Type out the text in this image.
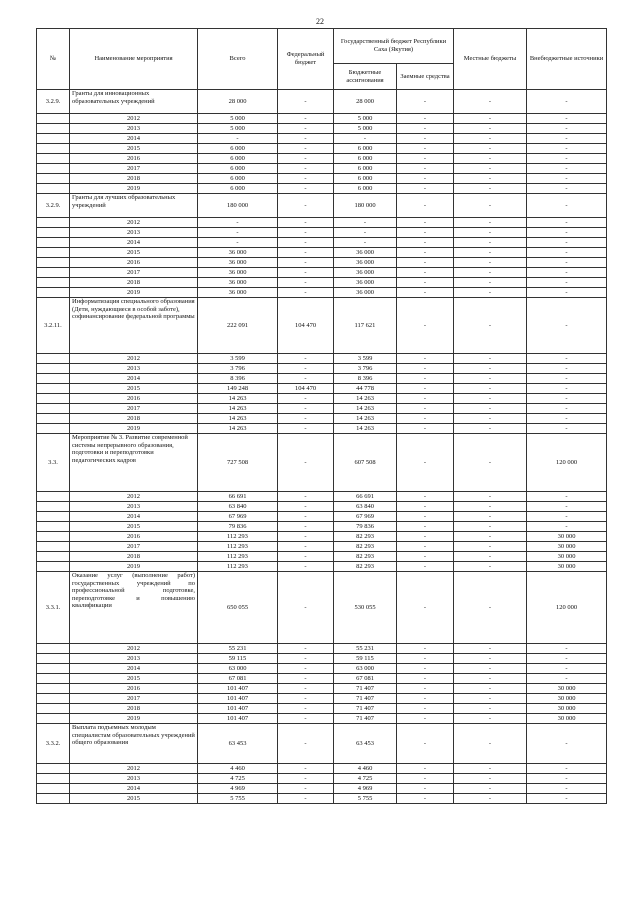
22
№	Наименование мероприятия	Всего	Федеральный бюджет	Государственный бюджет Республики Саха (Якутия)		Местные бюджеты	Внебюджетные источники
				Бюджетные ассигнования	Заемные средства		
3.2.9.	Гранты для инновационных образовательных учреждений	28 000	-	28 000	-	-	-
	2012	5 000	-	5 000	-	-	-
	2013	5 000	-	5 000	-	-	-
	2014	-	-	-	-	-	-
	2015	6 000	-	6 000	-	-	-
	2016	6 000	-	6 000	-	-	-
	2017	6 000	-	6 000	-	-	-
	2018	6 000	-	6 000	-	-	-
	2019	6 000	-	6 000	-	-	-
3.2.9.	Гранты для лучших образовательных учреждений	180 000	-	180 000	-	-	-
	2012	-	-	-	-	-	-
	2013	-	-	-	-	-	-
	2014	-	-	-	-	-	-
	2015	36 000	-	36 000	-	-	-
	2016	36 000	-	36 000	-	-	-
	2017	36 000	-	36 000	-	-	-
	2018	36 000	-	36 000	-	-	-
	2019	36 000	-	36 000	-	-	-
3.2.11.	Информатизация специального образования (Дети, нуждающиеся в особой заботе), софинансирование федеральной программы	222 091	104 470	117 621	-	-	-
	2012	3 599	-	3 599	-	-	-
	2013	3 796	-	3 796	-	-	-
	2014	8 396	-	8 396	-	-	-
	2015	149 248	104 470	44 778	-	-	-
	2016	14 263	-	14 263	-	-	-
	2017	14 263	-	14 263	-	-	-
	2018	14 263	-	14 263	-	-	-
	2019	14 263	-	14 263	-	-	-
3.3.	Мероприятие № 3. Развитие современной системы непрерывного образования, подготовки и переподготовки педагогических кадров	727 508	-	607 508	-	-	120 000
	2012	66 691	-	66 691	-	-	-
	2013	63 840	-	63 840	-	-	-
	2014	67 969	-	67 969	-	-	-
	2015	79 836	-	79 836	-	-	-
	2016	112 293	-	82 293	-	-	30 000
	2017	112 293	-	82 293	-	-	30 000
	2018	112 293	-	82 293	-	-	30 000
	2019	112 293	-	82 293	-	-	30 000
3.3.1.	Оказание услуг (выполнение работ) государственных учреждений по профессиональной подготовке, переподготовке и повышению квалификации	650 055	-	530 055	-	-	120 000
	2012	55 231	-	55 231	-	-	-
	2013	59 115	-	59 115	-	-	-
	2014	63 000	-	63 000	-	-	-
	2015	67 081	-	67 081	-	-	-
	2016	101 407	-	71 407	-	-	30 000
	2017	101 407	-	71 407	-	-	30 000
	2018	101 407	-	71 407	-	-	30 000
	2019	101 407	-	71 407	-	-	30 000
3.3.2.	Выплата подъемных молодым специалистам образовательных учреждений общего образования	63 453	-	63 453	-	-	-
	2012	4 460	-	4 460	-	-	-
	2013	4 725	-	4 725	-	-	-
	2014	4 969	-	4 969	-	-	-
	2015	5 755	-	5 755	-	-	-
